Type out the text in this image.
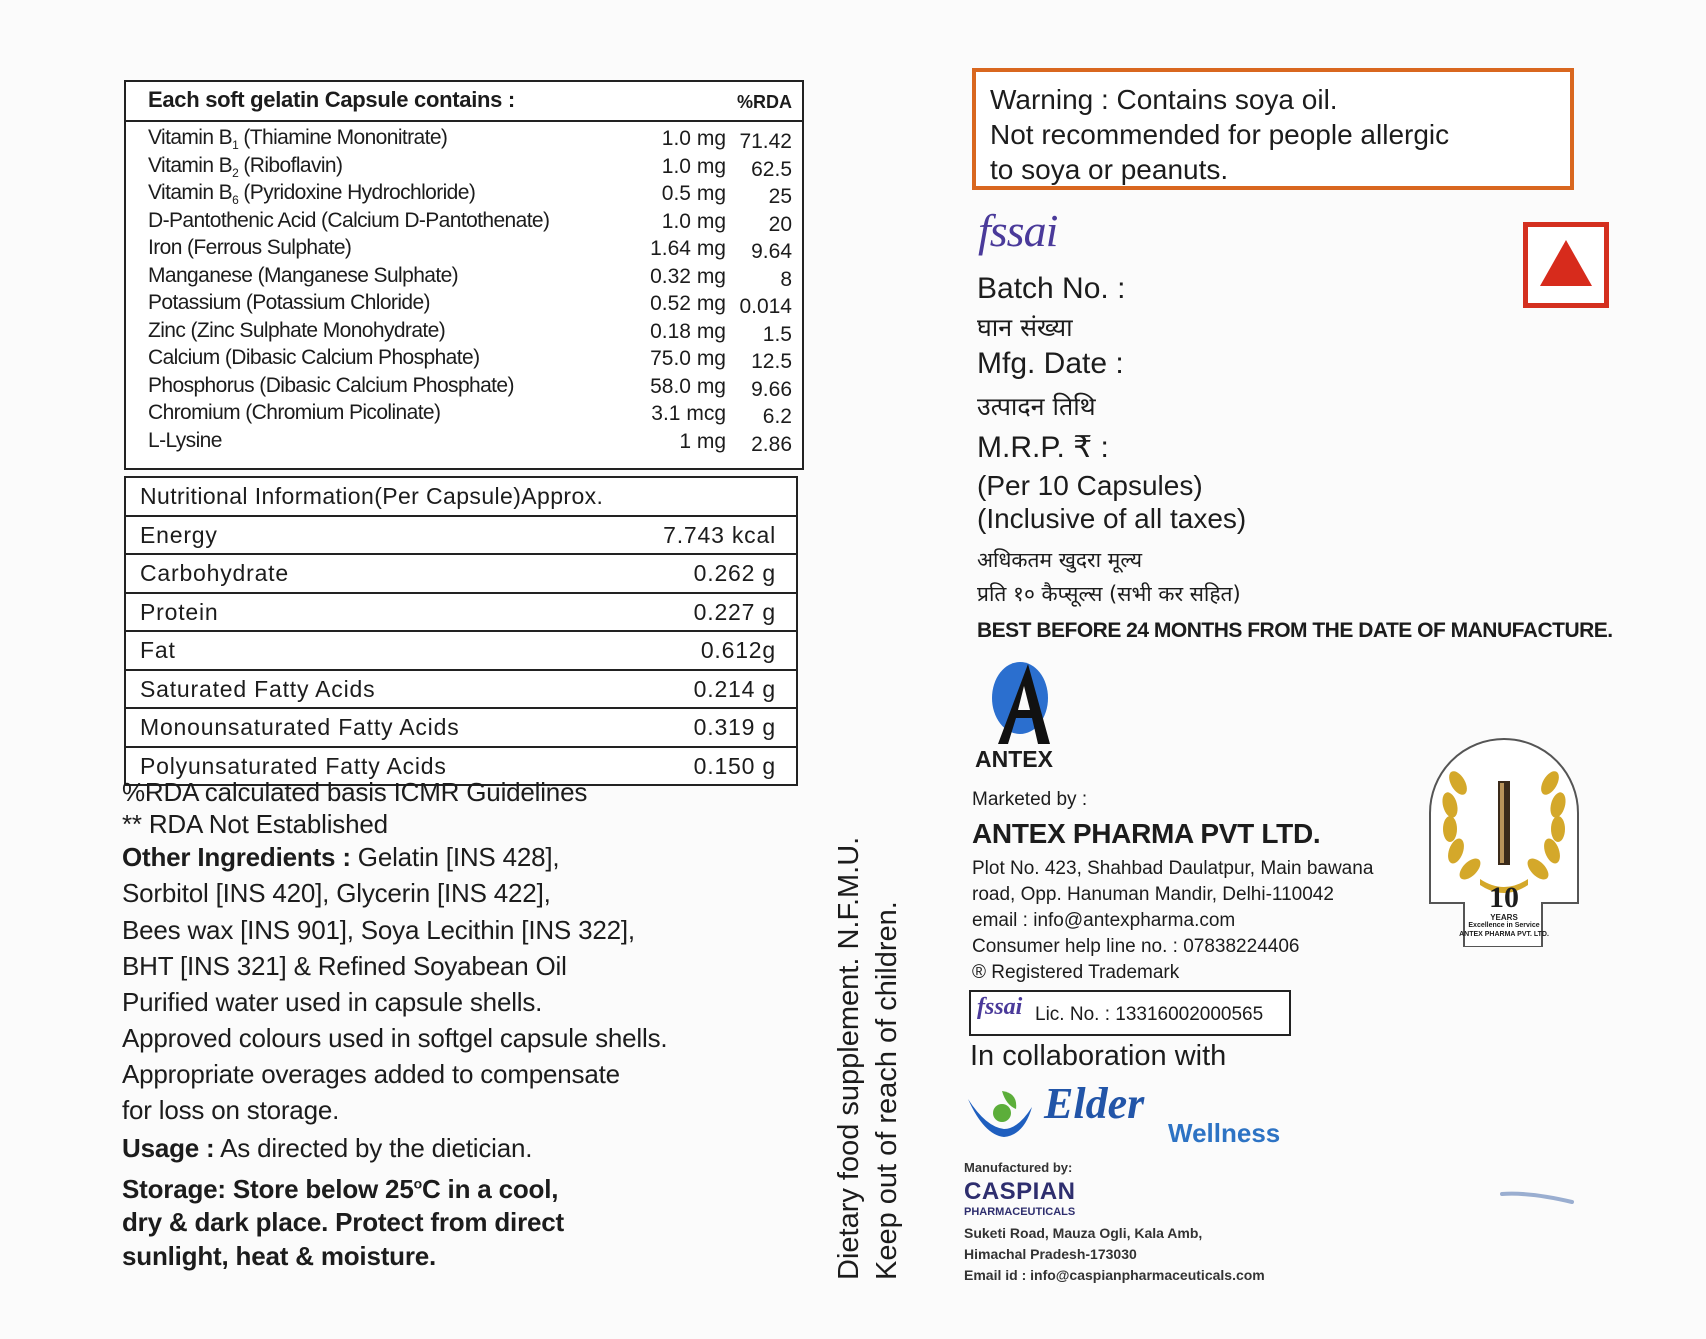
Each soft gelatin Capsule contains :	%RDA
Vitamin $B_1$ (Thiamine Mononitrate)	1.0 mg 71.42
Vitamin $B_2$ (Riboflavin)	1.0 mg 62.5
Vitamin $B_6$ (Pyridoxine Hydrochloride)	0.5 mg 25
D-Pantothenic Acid (Calcium D-Pantothenate)	1.0 mg 20
Iron (Ferrous Sulphate)	1.64 mg 9.64
Manganese (Manganese Sulphate)	0.32 mg	8
Potassium (Potassium Chloride)	0.52 mg 0.014
Zinc (Zinc Sulphate Monohydrate)	0.18 mg 1.5
Calcium (Dibasic Calcium Phosphate)	75.0 mg 12.5
Phosphorus (Dibasic Calcium Phosphate)	58.0 mg 9.66
Chromium (Chromium Picolinate)	3.1 mcg 6.2
L-Lysine	1 mg 2.86
Nutritional Information(Per Capsule)Approx.
Energy	7.743 kcal
Carbohydrate	0.262 g
Protein	0.227 g
Fat	0.612g
Saturated Fatty Acids	0.214 g
Monounsaturated Fatty Acids	0.319 g
Polyunsaturated Fatty Acids	0.150 g
%RDA calculated basis ICMR Guidelines
** RDA Not Established
Other Ingredients : Gelatin [INS 428],
Sorbitol [INS 420], Glycerin [INS 422],
Bees wax [INS 901], Soya Lecithin [INS 322],
BHT [INS 321] & Refined Soyabean Oil
Purified water used in capsule shells.
Approved colours used in softgel capsule shells.
Appropriate overages added to compensate
for loss on storage.
Usage : As directed by the dietician.
Storage: Store below 25$^o$C in a cool,
dry & dark place. Protect from direct
sunlight, heat & moisture.	Dietary food supplement. N.F.M.U. Keep out of reach of children.
Warning : Contains soya oil.
Not recommended for people allergic
to soya or peanuts.
fssai
Batch No. :
घान संख्या
Mfg. Date :
उत्पादन तिथि
M.R.P. ₹ :
(Per 10 Capsules)
(Inclusive of all taxes)
अधिकतम खुदरा मूल्य
प्रति १० कैप्सूल्स (सभी कर सहित)
BEST BEFORE 24 MONTHS FROM THE DATE OF MANUFACTURE.
ANTEX
Marketed by :
ANTEX PHARMA PVT LTD.
Plot No. 423, Shahbad Daulatpur, Main bawana
road, Opp. Hanuman Mandir, Delhi-110042
email : info@antexpharma.com
Consumer help line no. : 07838224406
® Registered Trademark
10
YEARS
Excellence in Service
ANTEX PHARMA PVT. LTD.
fssai Lic. No. : 13316002000565
In collaboration with
Elder
Wellness
Manufactured by:
CASPIAN
PHARMACEUTICALS
Suketi Road, Mauza Ogli, Kala Amb,
Himachal Pradesh-173030
Email id : info@caspianpharmaceuticals.com
